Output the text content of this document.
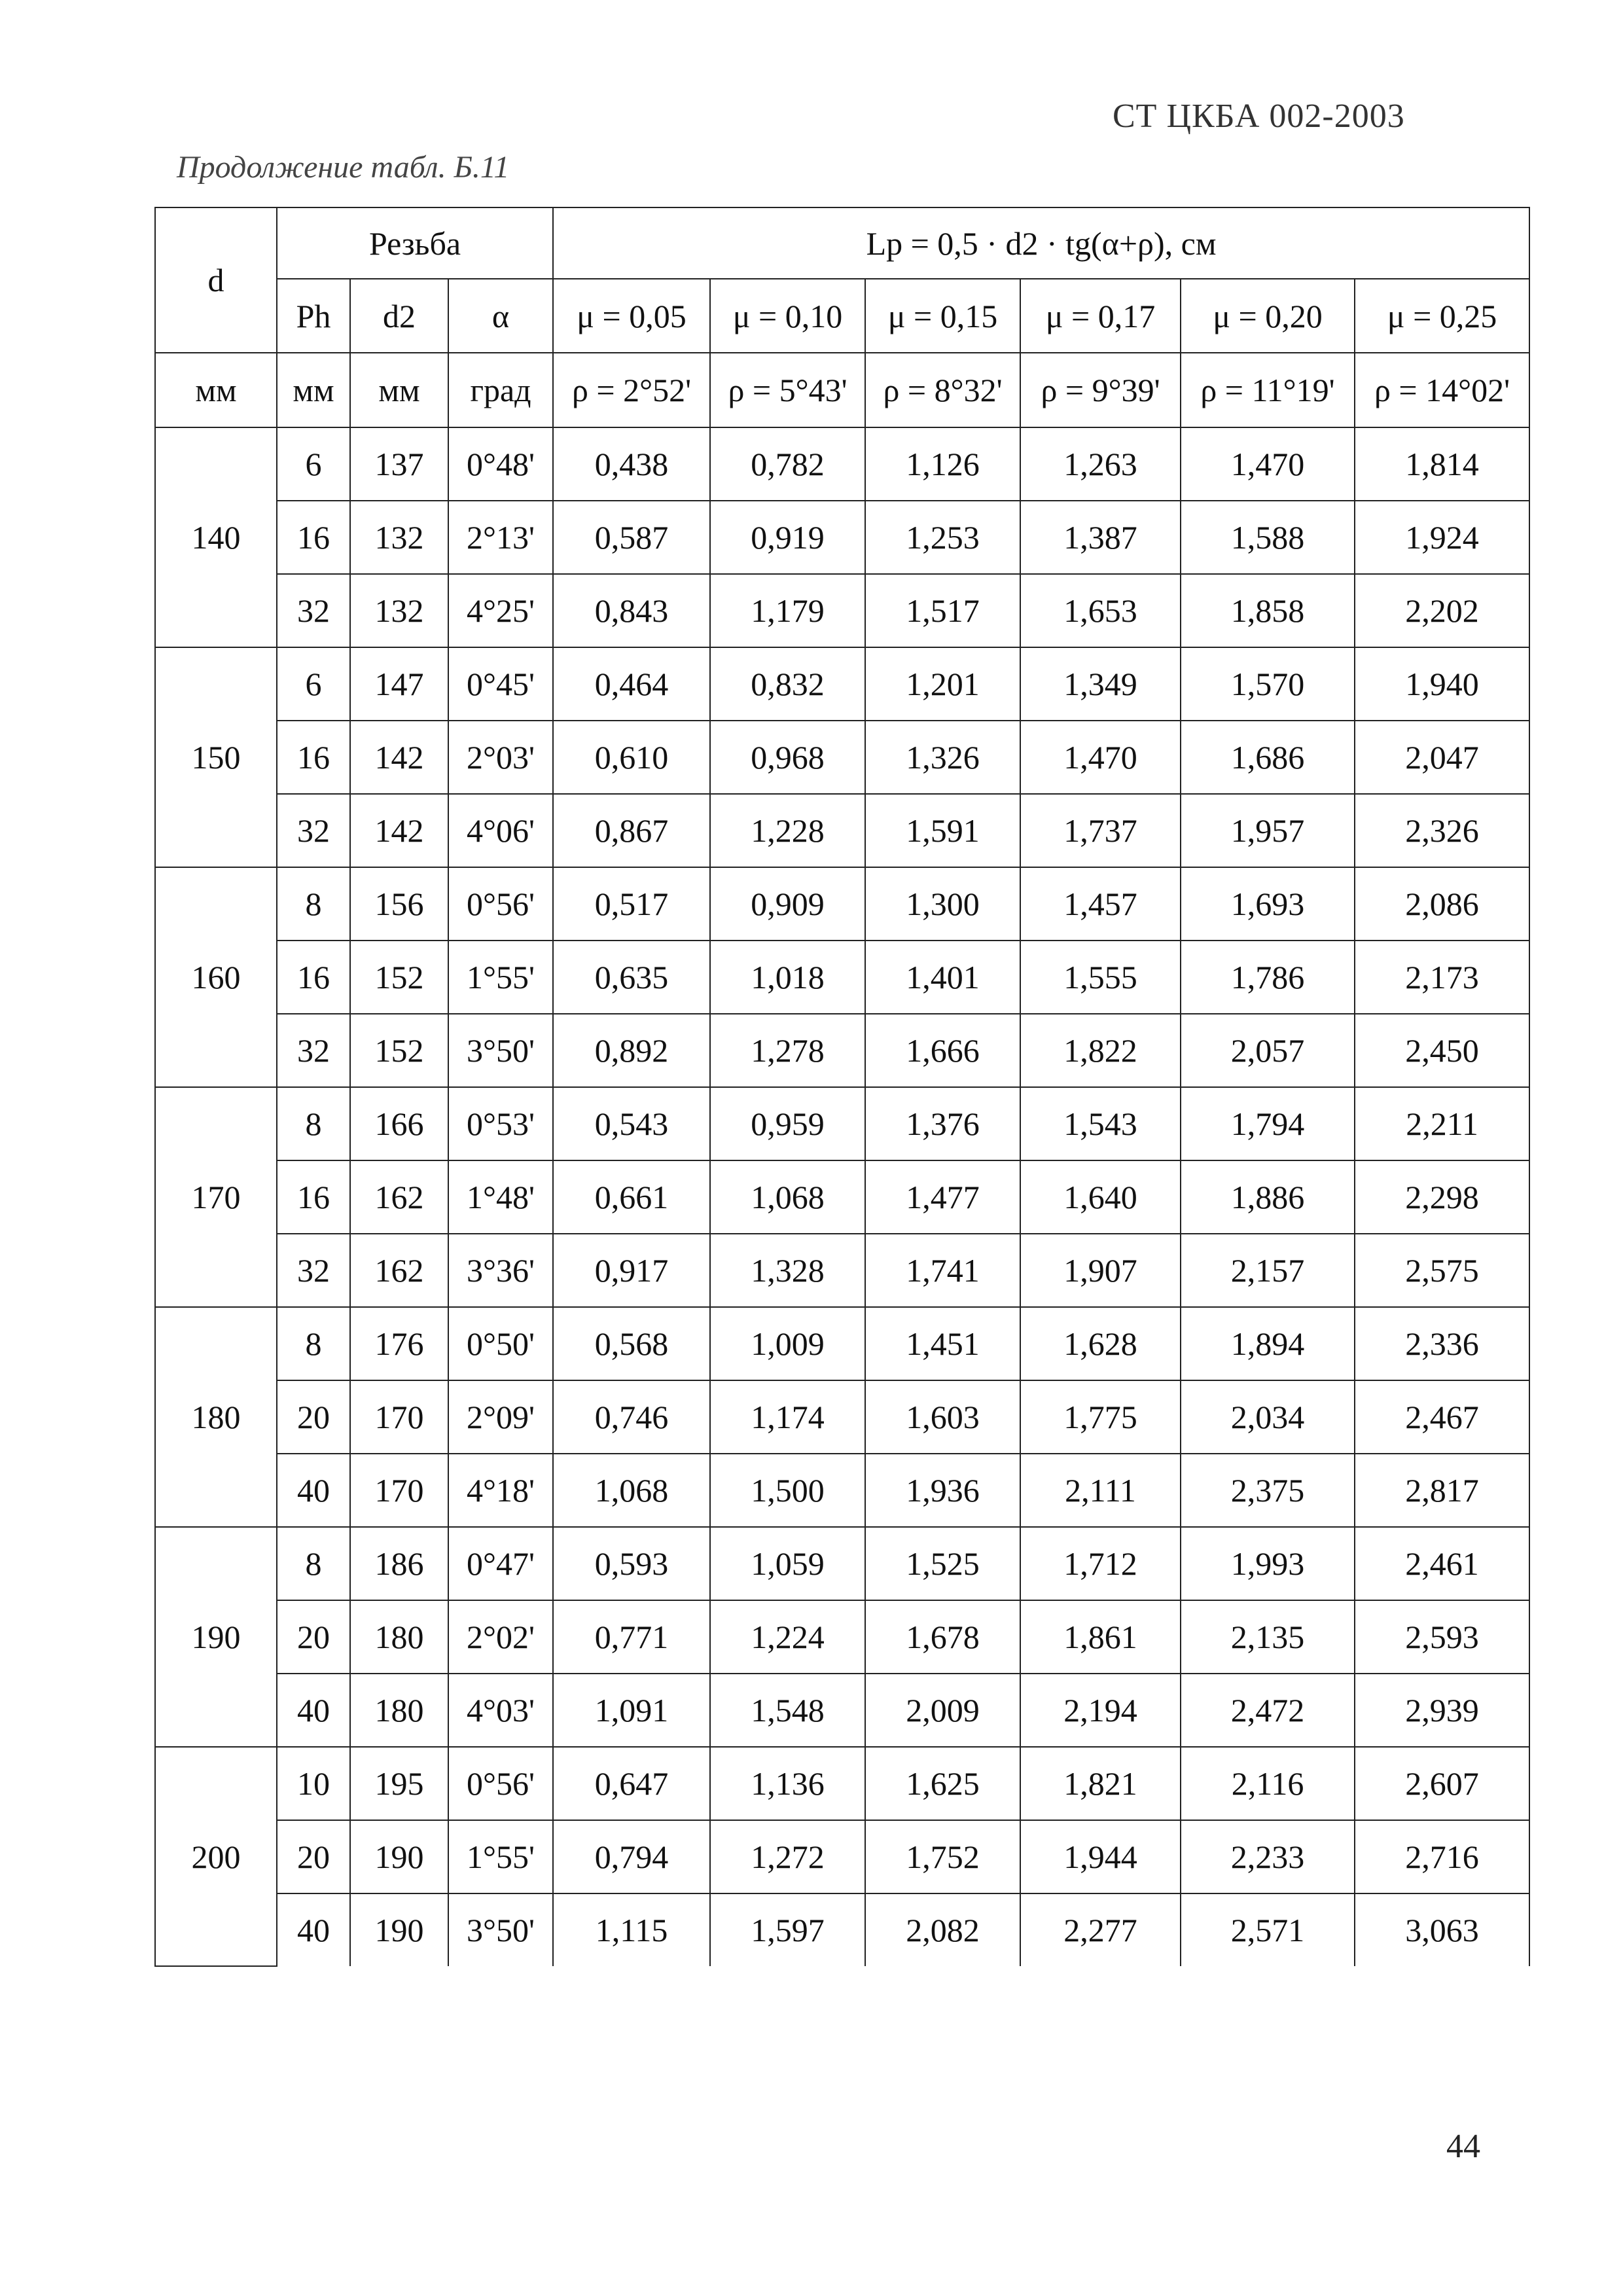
СТ ЦКБА 002-2003
Продолжение табл. Б.11
d	Резьба			Lp = 0,5 · d2 · tg(α+ρ), см					
	Ph	d2	α	μ = 0,05	μ = 0,10	μ = 0,15	μ = 0,17	μ = 0,20	μ = 0,25
мм	мм	мм	град	ρ = 2°52'	ρ = 5°43'	ρ = 8°32'	ρ = 9°39'	ρ = 11°19'	ρ = 14°02'
140	6	137	0°48'	0,438	0,782	1,126	1,263	1,470	1,814
	16	132	2°13'	0,587	0,919	1,253	1,387	1,588	1,924
	32	132	4°25'	0,843	1,179	1,517	1,653	1,858	2,202
150	6	147	0°45'	0,464	0,832	1,201	1,349	1,570	1,940
	16	142	2°03'	0,610	0,968	1,326	1,470	1,686	2,047
	32	142	4°06'	0,867	1,228	1,591	1,737	1,957	2,326
160	8	156	0°56'	0,517	0,909	1,300	1,457	1,693	2,086
	16	152	1°55'	0,635	1,018	1,401	1,555	1,786	2,173
	32	152	3°50'	0,892	1,278	1,666	1,822	2,057	2,450
170	8	166	0°53'	0,543	0,959	1,376	1,543	1,794	2,211
	16	162	1°48'	0,661	1,068	1,477	1,640	1,886	2,298
	32	162	3°36'	0,917	1,328	1,741	1,907	2,157	2,575
180	8	176	0°50'	0,568	1,009	1,451	1,628	1,894	2,336
	20	170	2°09'	0,746	1,174	1,603	1,775	2,034	2,467
	40	170	4°18'	1,068	1,500	1,936	2,111	2,375	2,817
190	8	186	0°47'	0,593	1,059	1,525	1,712	1,993	2,461
	20	180	2°02'	0,771	1,224	1,678	1,861	2,135	2,593
	40	180	4°03'	1,091	1,548	2,009	2,194	2,472	2,939
200	10	195	0°56'	0,647	1,136	1,625	1,821	2,116	2,607
	20	190	1°55'	0,794	1,272	1,752	1,944	2,233	2,716
	40	190	3°50'	1,115	1,597	2,082	2,277	2,571	3,063
44
